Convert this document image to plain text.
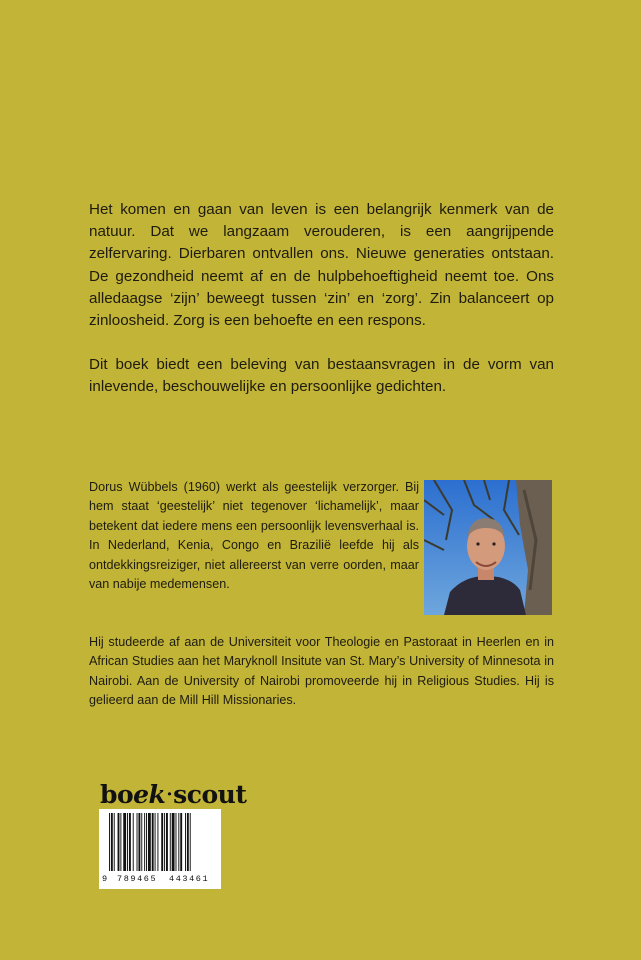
Het komen en gaan van leven is een belangrijk kenmerk van de natuur. Dat we langzaam verouderen, is een aangrijpende zelfervaring. Dierbaren ontvallen ons. Nieuwe generaties ontstaan. De gezondheid neemt af en de hulpbehoeftigheid neemt toe. Ons alledaagse ‘zijn’ beweegt tussen ‘zin’ en ‘zorg’. Zin balanceert op zinloosheid. Zorg is een behoefte en een respons.

Dit boek biedt een beleving van bestaansvragen in de vorm van inlevende, beschouwelijke en persoonlijke gedichten.

Dorus Wübbels (1960) werkt als geestelijk verzorger. Bij hem staat ‘geestelijk’ niet tegenover ‘lichamelijk’, maar betekent dat iedere mens een persoonlijk levensverhaal is. In Nederland, Kenia, Congo en Brazilië leefde hij als ontdekkingsreiziger, niet allereerst van verre oorden, maar van nabije medemensen.

Hij studeerde af aan de Universiteit voor Theologie en Pastoraat in Heerlen en in African Studies aan het Maryknoll Insitute van St. Mary’s University of Minnesota in Nairobi. Aan de University of Nairobi promoveerde hij in Religious Studies. Hij is gelieerd aan de Mill Hill Missionaries.

boek·scout
9 789465 443461
